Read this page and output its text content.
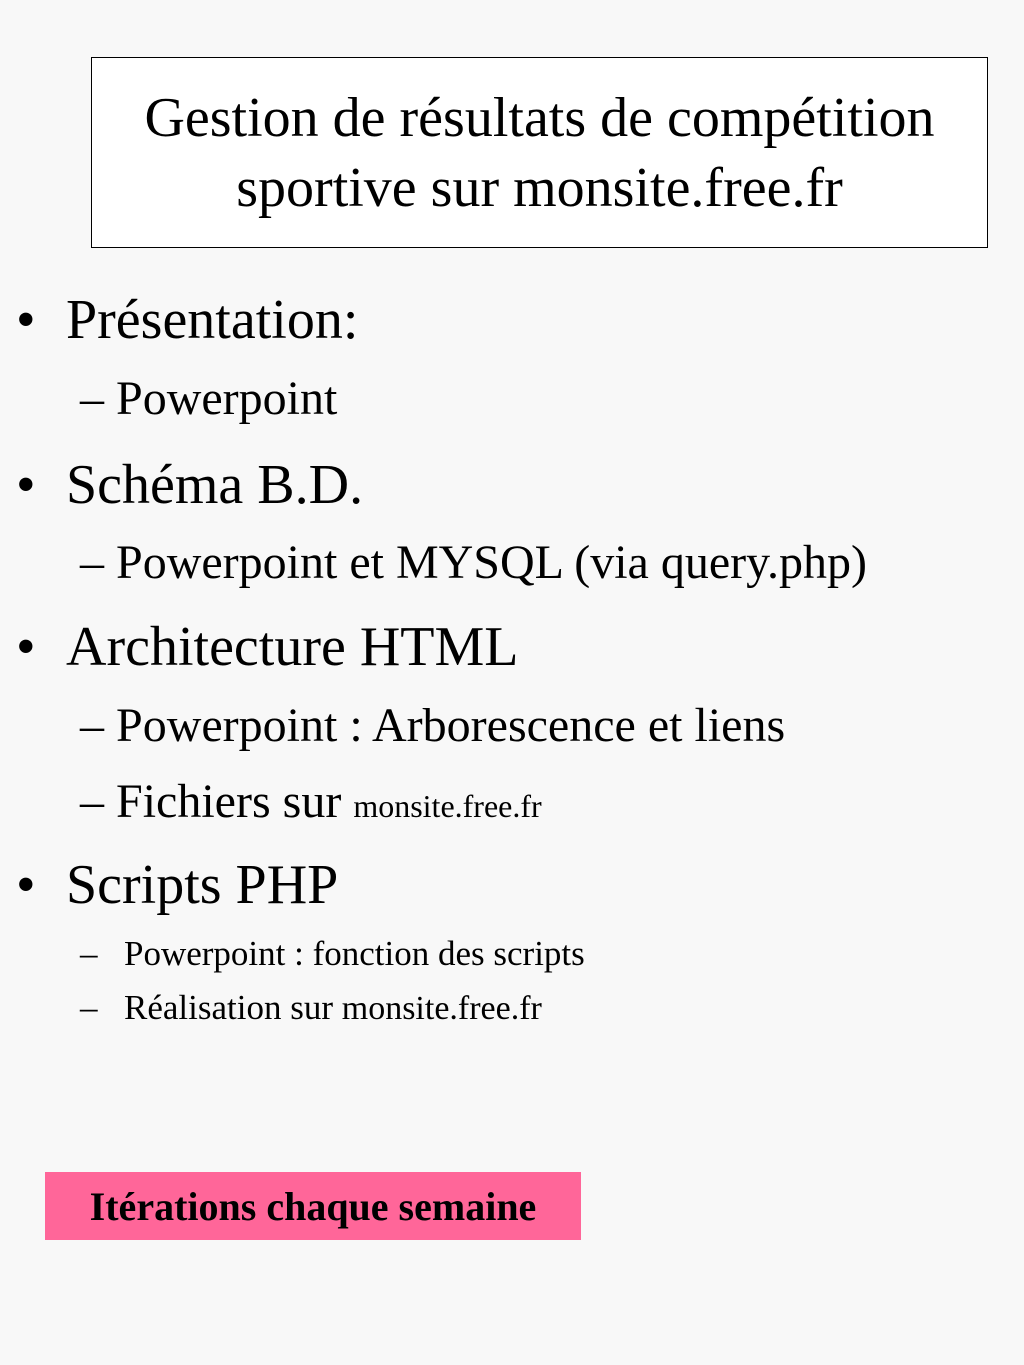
Gestion de résultats de compétition
sportive sur monsite.free.fr
• Présentation:
– Powerpoint
• Schéma B.D.
– Powerpoint et MYSQL (via query.php)
• Architecture HTML
– Powerpoint : Arborescence et liens
– Fichiers sur monsite.free.fr
• Scripts PHP
– Powerpoint : fonction des scripts
– Réalisation sur monsite.free.fr
Itérations chaque semaine
